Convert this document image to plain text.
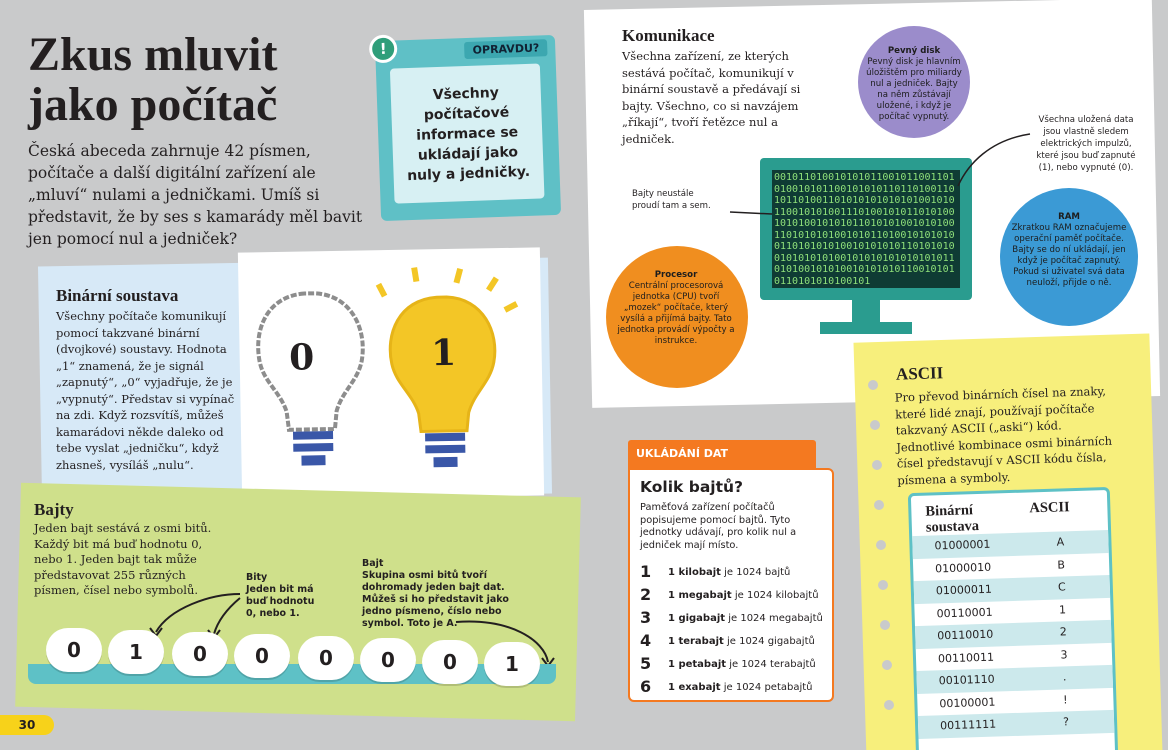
Zkus mluvit jako počítač
Česká abeceda zahrnuje 42 písmen, počítače a další digitální zařízení ale „mluví“ nulami a jedničkami. Umíš si představit, že by ses s kamarády měl bavit jen pomocí nul a jedniček?
!	OPRAVDU?
Všechny počítačové informace se ukládají jako nuly a jedničky.
Binární soustava
Všechny počítače komunikují pomocí takzvané binární (dvojkové) soustavy. Hodnota „1“ znamená, že je signál „zapnutý“, „0“ vyjadřuje, že je „vypnutý“. Představ si vypínač na zdi. Když rozsvítíš, můžeš kamarádovi někde daleko od tebe vyslat „jedničku“, když zhasneš, vysíláš „nulu“.
0	1
Bajty
Jeden bajt sestává z osmi bitů. Každý bit má buď hodnotu 0, nebo 1. Jeden bajt tak může představovat 255 různých písmen, čísel nebo symbolů.
Bity
Jeden bit má buď hodnotu 0, nebo 1.
Bajt
Skupina osmi bitů tvoří dohromady jeden bajt dat. Můžeš si ho představit jako jedno písmeno, číslo nebo symbol. Toto je A.
0	1	0	0	0	0	0	1
30
Komunikace
Všechna zařízení, ze kterých sestává počítač, komunikují v binární soustavě a předávají si bajty. Všechno, co si navzájem „říkají“, tvoří řetězce nul a jedniček.
0010110100101010110010110011010100101011001010101101101001101011010011010101010101010010101100101010011101001010110101001010100101010110101010010101001101010101001010110100101010100110101010100101010101101010100101010101001010101010101010110101001010100101010101100101010110101010100101
Pevný disk
Pevný disk je hlavním úložištěm pro miliardy nul a jedniček. Bajty na něm zůstávají uložené, i když je počítač vypnutý.
RAM
Zkratkou RAM označujeme operační paměť počítače. Bajty se do ní ukládají, jen když je počítač zapnutý. Pokud si uživatel svá data neuloží, přijde o ně.
Procesor
Centrální procesorová jednotka (CPU) tvoří „mozek“ počítače, který vysílá a přijímá bajty. Tato jednotka provádí výpočty a instrukce.
Všechna uložená data jsou vlastně sledem elektrických impulzů, které jsou buď zapnuté (1), nebo vypnuté (0).
Bajty neustále proudí tam a sem.
UKLÁDÁNÍ DAT
Kolik bajtů?
Paměťová zařízení počítačů popisujeme pomocí bajtů. Tyto jednotky udávají, pro kolik nul a jedniček mají místo.
1 1 kilobajt je 1024 bajtů
2 1 megabajt je 1024 kilobajtů
3 1 gigabajt je 1024 megabajtů
4 1 terabajt je 1024 gigabajtů
5 1 petabajt je 1024 terabajtů
6 1 exabajt je 1024 petabajtů
ASCII
Pro převod binárních čísel na znaky, které lidé znají, používají počítače takzvaný ASCII („aski“) kód. Jednotlivé kombinace osmi binárních čísel představují v ASCII kódu čísla, písmena a symboly.
Binární soustava
ASCII
01000001	A
01000010	B
01000011	C
00110001	1
00110010	2
00110011	3
00101110	.
00100001	!
00111111	?
